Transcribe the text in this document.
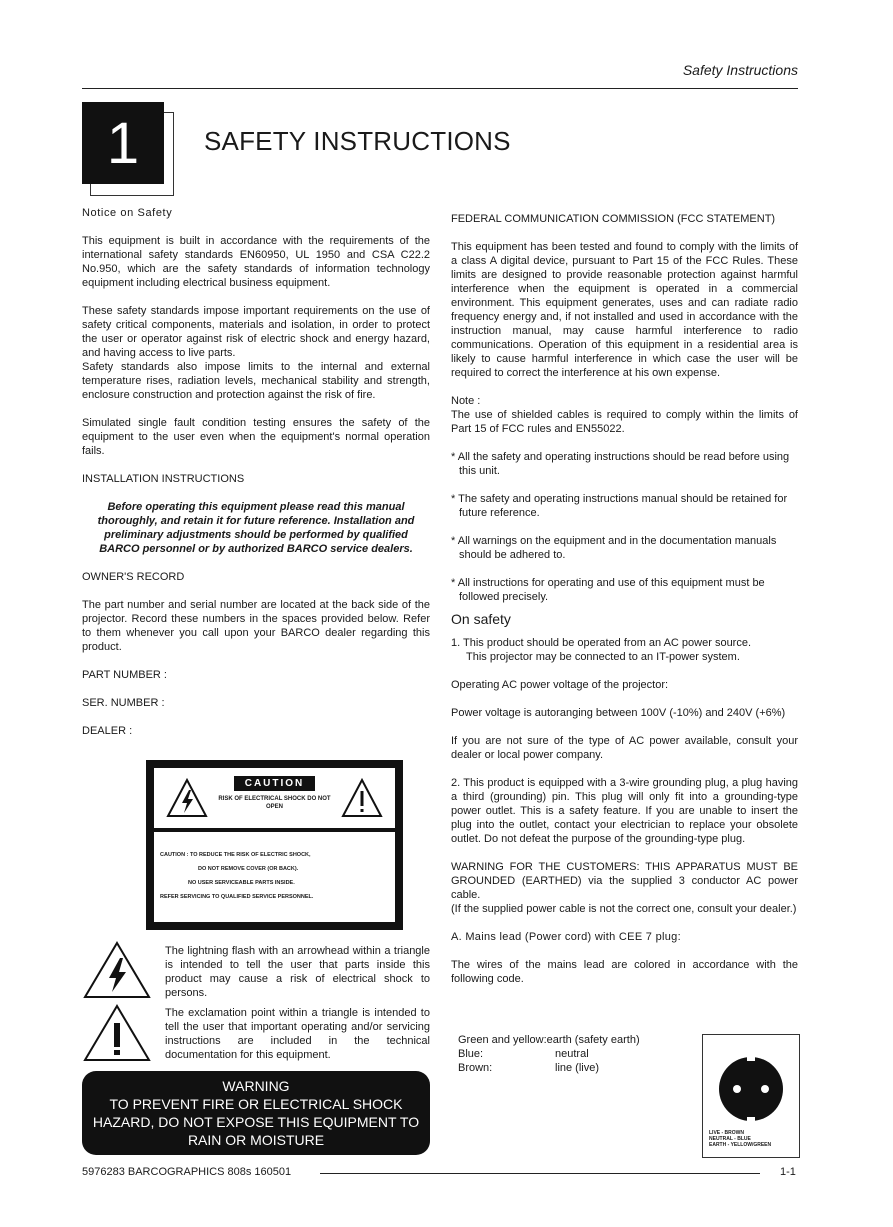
Safety Instructions
1	SAFETY INSTRUCTIONS

Notice on Safety

This equipment is built in accordance with the requirements of the international safety standards EN60950, UL 1950 and CSA C22.2 No.950, which are the safety standards of information technology equipment including electrical business equipment.

These safety standards impose important requirements on the use of safety critical components, materials and isolation, in order to protect the user or operator against risk of electric shock and energy hazard, and having access to live parts.

Safety standards also impose limits to the internal and external temperature rises, radiation levels, mechanical stability and strength, enclosure construction and protection against the risk of fire.

Simulated single fault condition testing ensures the safety of the equipment to the user even when the equipment's normal operation fails.

INSTALLATION INSTRUCTIONS

Before operating this equipment please read this manual thoroughly, and retain it for future reference. Installation and preliminary adjustments should be performed by qualified BARCO personnel or by authorized BARCO service dealers.

OWNER'S RECORD

The part number and serial number are located at the back side of the projector. Record these numbers in the spaces provided below. Refer to them whenever you call upon your BARCO dealer regarding this product.

PART NUMBER :

SER. NUMBER :

DEALER :

CAUTION
RISK OF ELECTRICAL SHOCK DO NOT OPEN
CAUTION : TO REDUCE THE RISK OF ELECTRIC SHOCK,
DO NOT REMOVE COVER (OR BACK).
NO USER SERVICEABLE PARTS INSIDE.
REFER SERVICING TO QUALIFIED SERVICE PERSONNEL.
The lightning flash with an arrowhead within a triangle is intended to tell the user that parts inside this product may cause a risk of electrical shock to persons.
The exclamation point within a triangle is intended to tell the user that important operating and/or servicing instructions are included in the technical documentation for this equipment.
WARNING
TO PREVENT FIRE OR ELECTRICAL SHOCK
HAZARD, DO NOT EXPOSE THIS EQUIPMENT TO
RAIN OR MOISTURE

FEDERAL COMMUNICATION COMMISSION (FCC STATEMENT)

This equipment has been tested and found to comply with the limits of a class A digital device, pursuant to Part 15 of the FCC Rules. These limits are designed to provide reasonable protection against harmful interference when the equipment is operated in a commercial environment. This equipment generates, uses and can radiate radio frequency energy and, if not installed and used in accordance with the instruction manual, may cause harmful interference to radio communications. Operation of this equipment in a residential area is likely to cause harmful interference in which case the user will be required to correct the interference at his own expense.

Note :

The use of shielded cables is required to comply within the limits of Part 15 of FCC rules and EN55022.

* All the safety and operating instructions should be read before using this unit.

* The safety and operating instructions manual should be retained for future reference.

* All warnings on the equipment and in the documentation manuals should be adhered to.

* All instructions for operating and use of this equipment must be followed precisely.

On safety

1. This product should be operated from an AC power source.

This projector may be connected to an IT-power system.

Operating AC power voltage of the projector:

Power voltage is autoranging between 100V (-10%) and 240V (+6%)

If you are not sure of the type of AC power available, consult your dealer or local power company.

2. This product is equipped with a 3-wire grounding plug, a plug having a third (grounding) pin. This plug will only fit into a grounding-type power outlet. This is a safety feature. If you are unable to insert the plug into the outlet, contact your electrician to replace your obsolete outlet. Do not defeat the purpose of the grounding-type plug.

WARNING FOR THE CUSTOMERS: THIS APPARATUS MUST BE GROUNDED (EARTHED) via the supplied 3 conductor AC power cable.

(If the supplied power cable is not the correct one, consult your dealer.)

A. Mains lead (Power cord) with CEE 7 plug:

The wires of the mains lead are colored in accordance with the following code.

Green and yellow: earth (safety earth)
Blue:	neutral
Brown:	line (live)
LIVE - BROWN
NEUTRAL - BLUE
EARTH - YELLOW/GREEN
5976283 BARCOGRAPHICS 808s 160501	1-1
